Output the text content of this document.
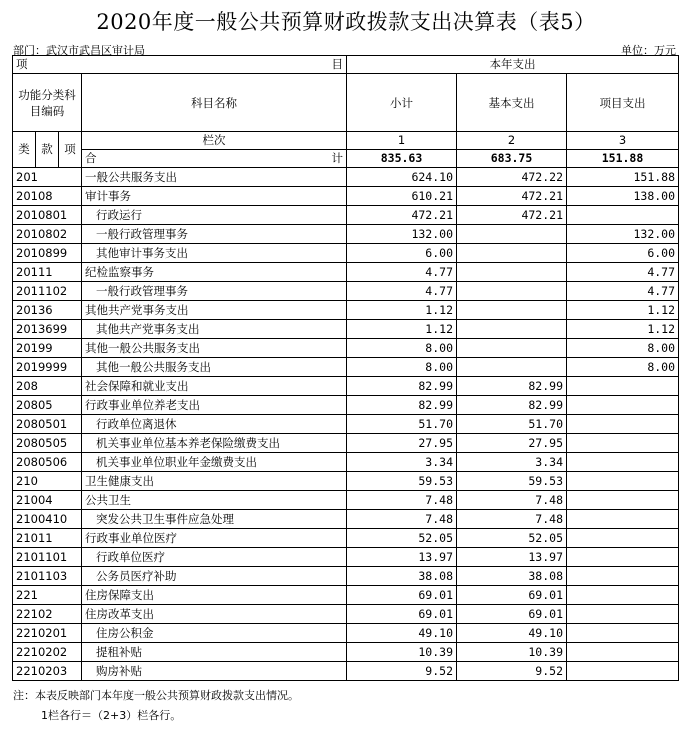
2020年度一般公共预算财政拨款支出决算表（表5）
部门：武汉市武昌区审计局	单位：万元
项 目				本年支出		
功能分类科目编码			科目名称	小计	基本支出	项目支出
类	款	项	栏次	1	2	3

			合 计	835.63	683.75	151.88
201			一般公共服务支出	624.10	472.22	151.88
20108			审计事务	610.21	472.21	138.00
2010801			行政运行	472.21	472.21	
2010802			一般行政管理事务	132.00		132.00
2010899			其他审计事务支出	6.00		6.00
20111			纪检监察事务	4.77		4.77
2011102			一般行政管理事务	4.77		4.77
20136			其他共产党事务支出	1.12		1.12
2013699			其他共产党事务支出	1.12		1.12
20199			其他一般公共服务支出	8.00		8.00
2019999			其他一般公共服务支出	8.00		8.00
208			社会保障和就业支出	82.99	82.99	
20805			行政事业单位养老支出	82.99	82.99	
2080501			行政单位离退休	51.70	51.70	
2080505			机关事业单位基本养老保险缴费支出	27.95	27.95	
2080506			机关事业单位职业年金缴费支出	3.34	3.34	
210			卫生健康支出	59.53	59.53	
21004			公共卫生	7.48	7.48	
2100410			突发公共卫生事件应急处理	7.48	7.48	
21011			行政事业单位医疗	52.05	52.05	
2101101			行政单位医疗	13.97	13.97	
2101103			公务员医疗补助	38.08	38.08	
221			住房保障支出	69.01	69.01	
22102			住房改革支出	69.01	69.01	
2210201			住房公积金	49.10	49.10	
2210202			提租补贴	10.39	10.39	
2210203			购房补贴	9.52	9.52	
注：本表反映部门本年度一般公共预算财政拨款支出情况。
1栏各行＝（2+3）栏各行。
